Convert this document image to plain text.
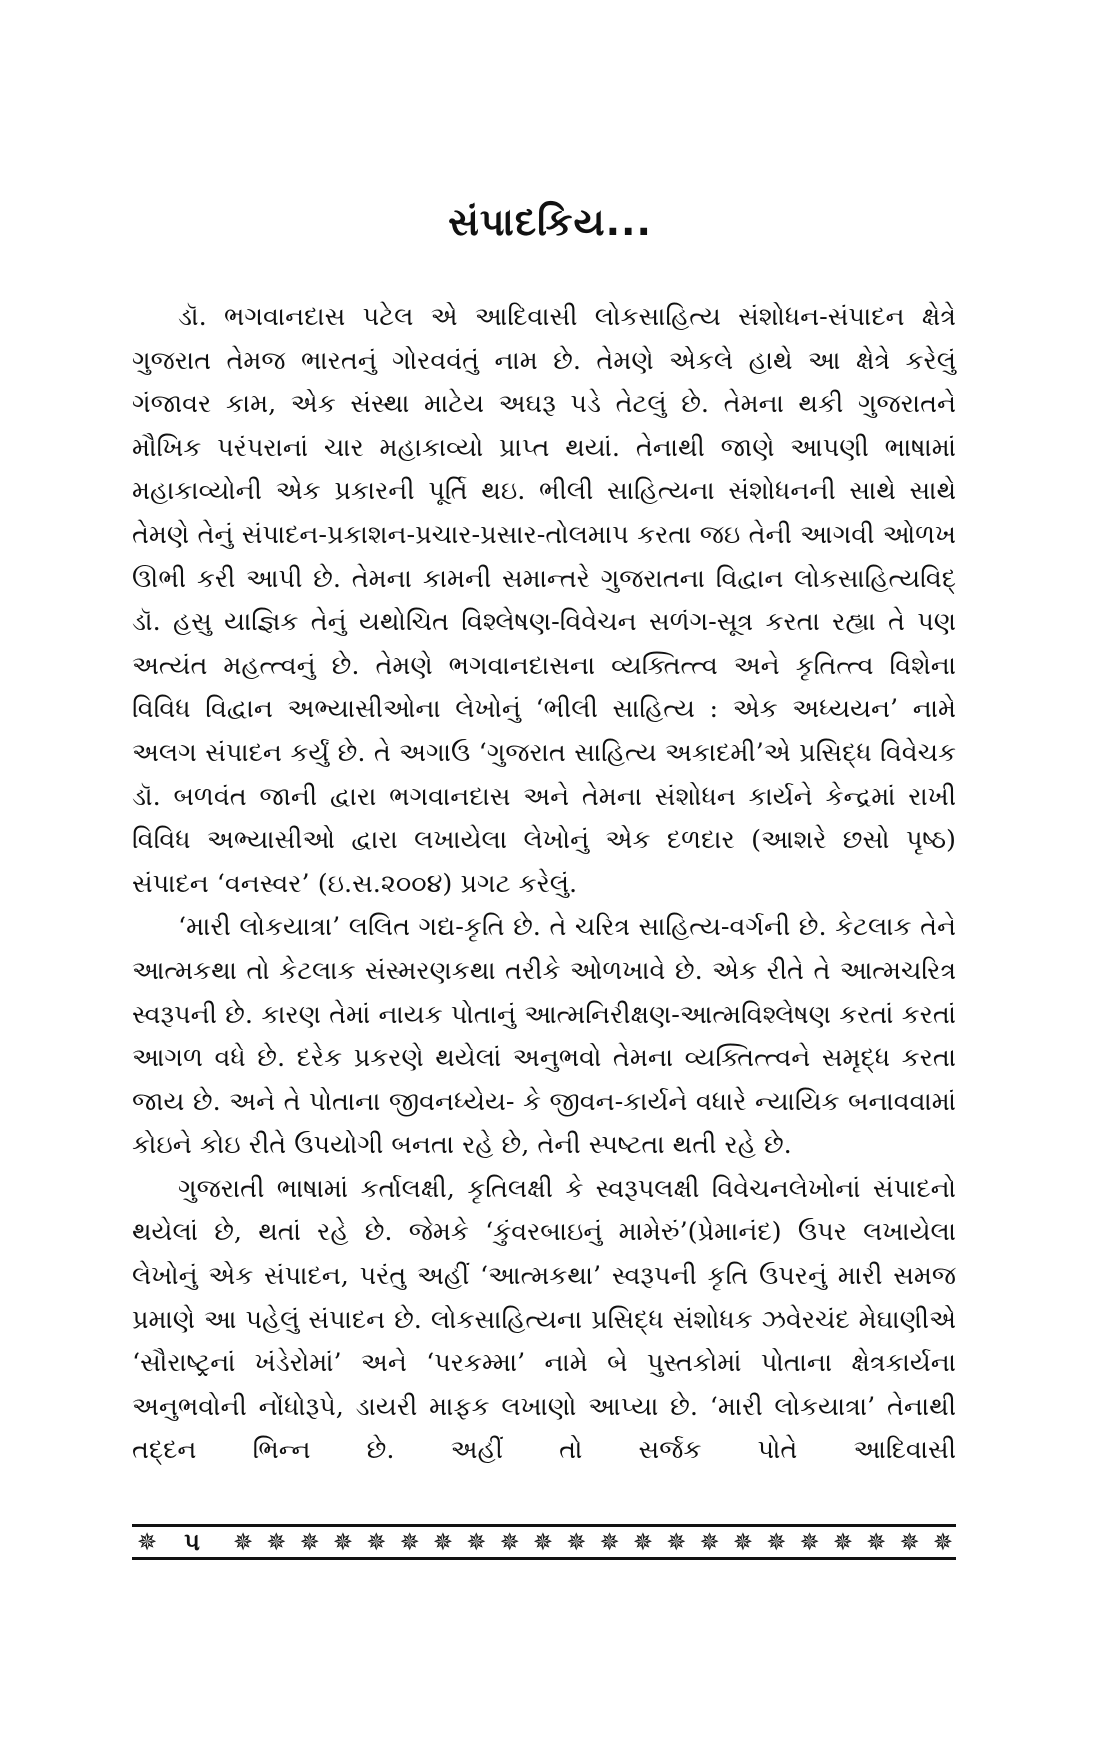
સંપાદકિય...

ડૉ. ભગવાનદાસ પટેલ એ આદિવાસી લોકસાહિત્ય સંશોધન-સંપાદન ક્ષેત્રે ગુજરાત તેમજ ભારતનું ગોરવવંતું નામ છે. તેમણે એકલે હાથે આ ક્ષેત્રે કરેલું ગંજાવર કામ, એક સંસ્થા માટેય અઘરૂ પડે તેટલું છે. તેમના થકી ગુજરાતને મૌખિક પરંપરાનાં ચાર મહાકાવ્યો પ્રાપ્ત થયાં. તેનાથી જાણે આપણી ભાષામાં મહાકાવ્યોની એક પ્રકારની પૂર્તિ થઇ. ભીલી સાહિત્યના સંશોધનની સાથે સાથે તેમણે તેનું સંપાદન-પ્રકાશન-પ્રચાર-પ્રસાર-તોલમાપ કરતા જઇ તેની આગવી ઓળખ ઊભી કરી આપી છે. તેમના કામની સમાન્તરે ગુજરાતના વિદ્વાન લોકસાહિત્યવિદ્ ડૉ. હસુ યાજ્ઞિક તેનું યથોચિત વિશ્લેષણ-વિવેચન સળંગ-સૂત્ર કરતા રહ્યા તે પણ અત્યંત મહત્ત્વનું છે. તેમણે ભગવાનદાસના વ્યક્તિત્ત્વ અને કૃતિત્ત્વ વિશેના વિવિધ વિદ્વાન અભ્યાસીઓના લેખોનું ‘ભીલી સાહિત્ય : એક અધ્યયન’ નામે અલગ સંપાદન કર્યું છે. તે અગાઉ ‘ગુજરાત સાહિત્ય અકાદમી’એ પ્રસિદ્ધ વિવેચક ડૉ. બળવંત જાની દ્વારા ભગવાનદાસ અને તેમના સંશોધન કાર્યને કેન્દ્રમાં રાખી વિવિધ અભ્યાસીઓ દ્વારા લખાયેલા લેખોનું એક દળદાર (આશરે છસો પૃષ્ઠ) સંપાદન ‘વનસ્વર’ (ઇ.સ.૨૦૦૪) પ્રગટ કરેલું.

‘મારી લોકયાત્રા’ લલિત ગદ્ય-કૃતિ છે. તે ચરિત્ર સાહિત્ય-વર્ગની છે. કેટલાક તેને આત્મકથા તો કેટલાક સંસ્મરણકથા તરીકે ઓળખાવે છે. એક રીતે તે આત્મચરિત્ર સ્વરૂપની છે. કારણ તેમાં નાયક પોતાનું આત્મનિરીક્ષણ-આત્મવિશ્લેષણ કરતાં કરતાં આગળ વધે છે. દરેક પ્રકરણે થયેલાં અનુભવો તેમના વ્યક્તિત્ત્વને સમૃદ્ધ કરતા જાય છે. અને તે પોતાના જીવનધ્યેય- કે જીવન-કાર્યને વધારે ન્યાયિક બનાવવામાં કોઇને કોઇ રીતે ઉપયોગી બનતા રહે છે, તેની સ્પષ્ટતા થતી રહે છે.

ગુજરાતી ભાષામાં કર્તાલક્ષી, કૃતિલક્ષી કે સ્વરૂપલક્ષી વિવેચનલેખોનાં સંપાદનો થયેલાં છે, થતાં રહે છે. જેમકે ‘કુંવરબાઇનું મામેરું’(પ્રેમાનંદ) ઉપર લખાયેલા લેખોનું એક સંપાદન, પરંતુ અહીં ‘આત્મકથા’ સ્વરૂપની કૃતિ ઉપરનું મારી સમજ પ્રમાણે આ પહેલું સંપાદન છે. લોકસાહિત્યના પ્રસિદ્ધ સંશોધક ઝવેરચંદ મેઘાણીએ ‘સૌરાષ્ટ્રનાં ખંડેરોમાં’ અને ‘પરકમ્મા’ નામે બે પુસ્તકોમાં પોતાના ક્ષેત્રકાર્યના અનુભવોની નોંધોરૂપે, ડાયરી માફક લખાણો આપ્યા છે. ‘મારી લોકયાત્રા’ તેનાથી તદ્દન ભિન્ન છે. અહીં તો સર્જક પોતે આદિવાસી

✵	૫	✵ ✵ ✵ ✵ ✵ ✵ ✵ ✵ ✵ ✵ ✵ ✵ ✵ ✵ ✵ ✵ ✵ ✵ ✵ ✵ ✵ ✵
